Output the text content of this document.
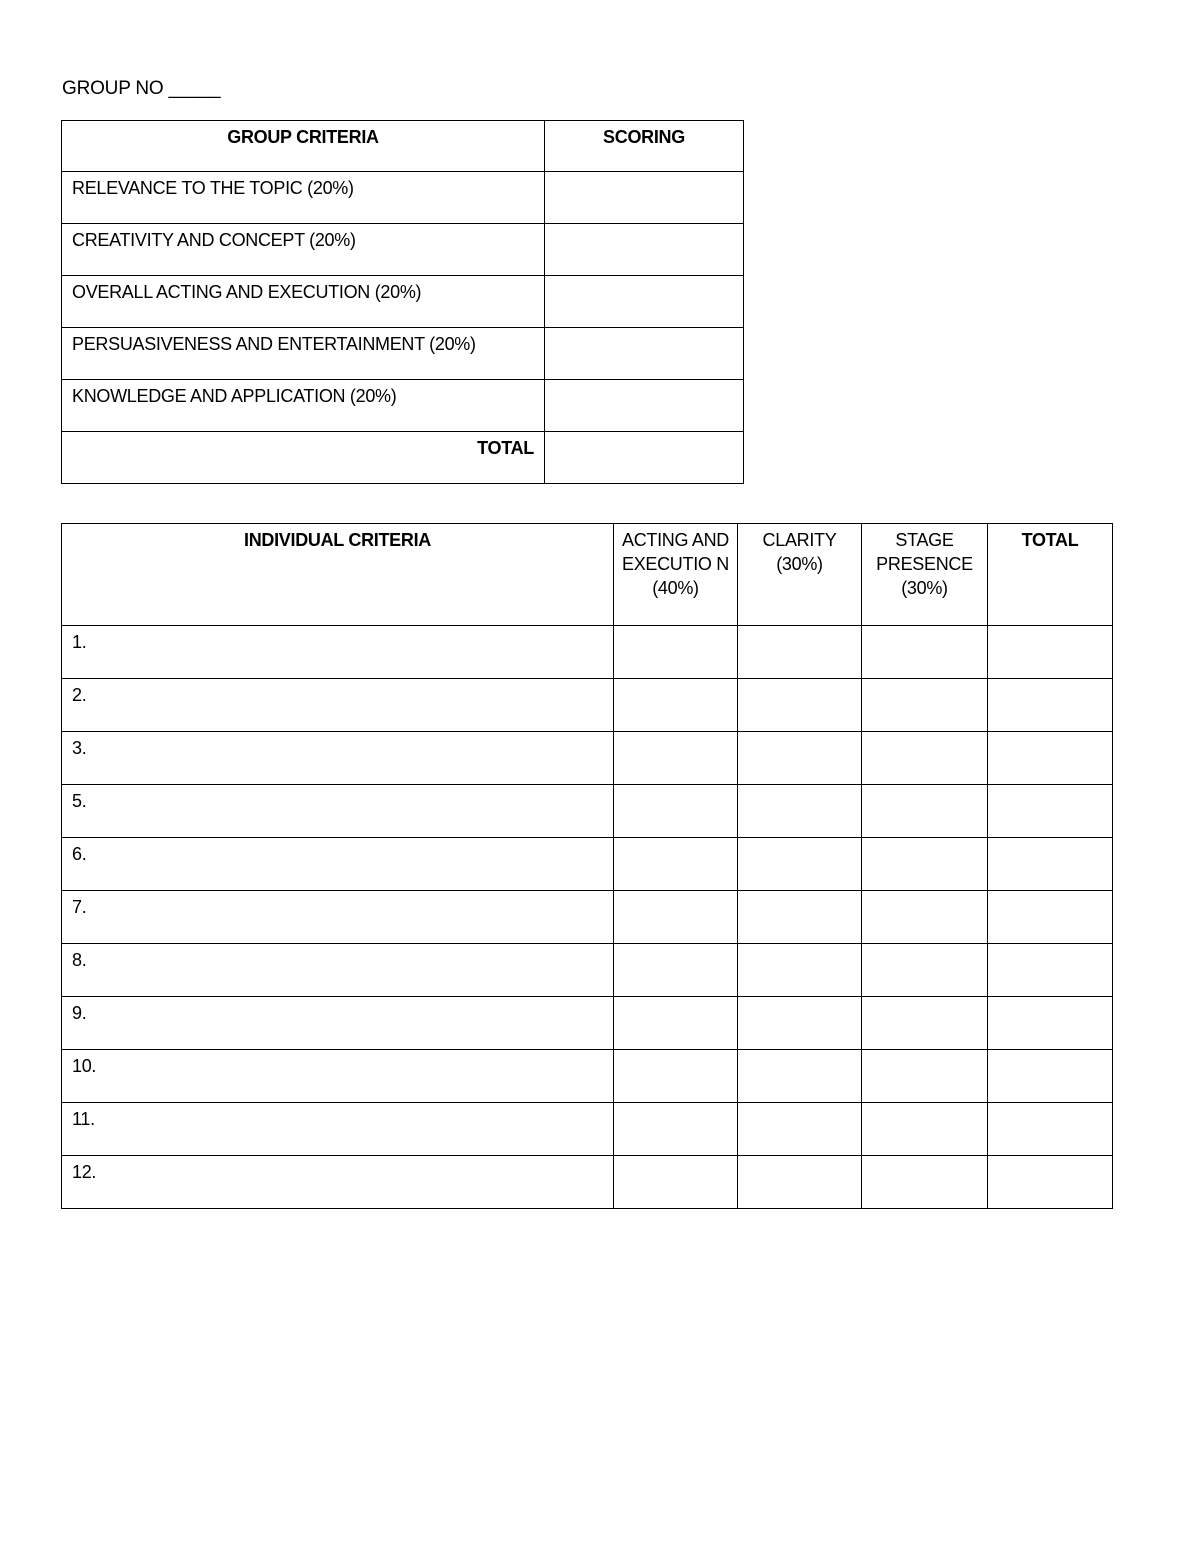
GROUP NO _____
GROUP CRITERIA	SCORING
RELEVANCE TO THE TOPIC (20%)	
CREATIVITY AND CONCEPT (20%)	
OVERALL ACTING AND EXECUTION (20%)	
PERSUASIVENESS AND ENTERTAINMENT (20%)	
KNOWLEDGE AND APPLICATION (20%)	
TOTAL	
INDIVIDUAL CRITERIA	ACTING AND EXECUTIO N (40%)	CLARITY (30%)	STAGE PRESENCE (30%)	TOTAL
1.				
2.				
3.				
5.				
6.				
7.				
8.				
9.				
10.				
11.				
12.				
